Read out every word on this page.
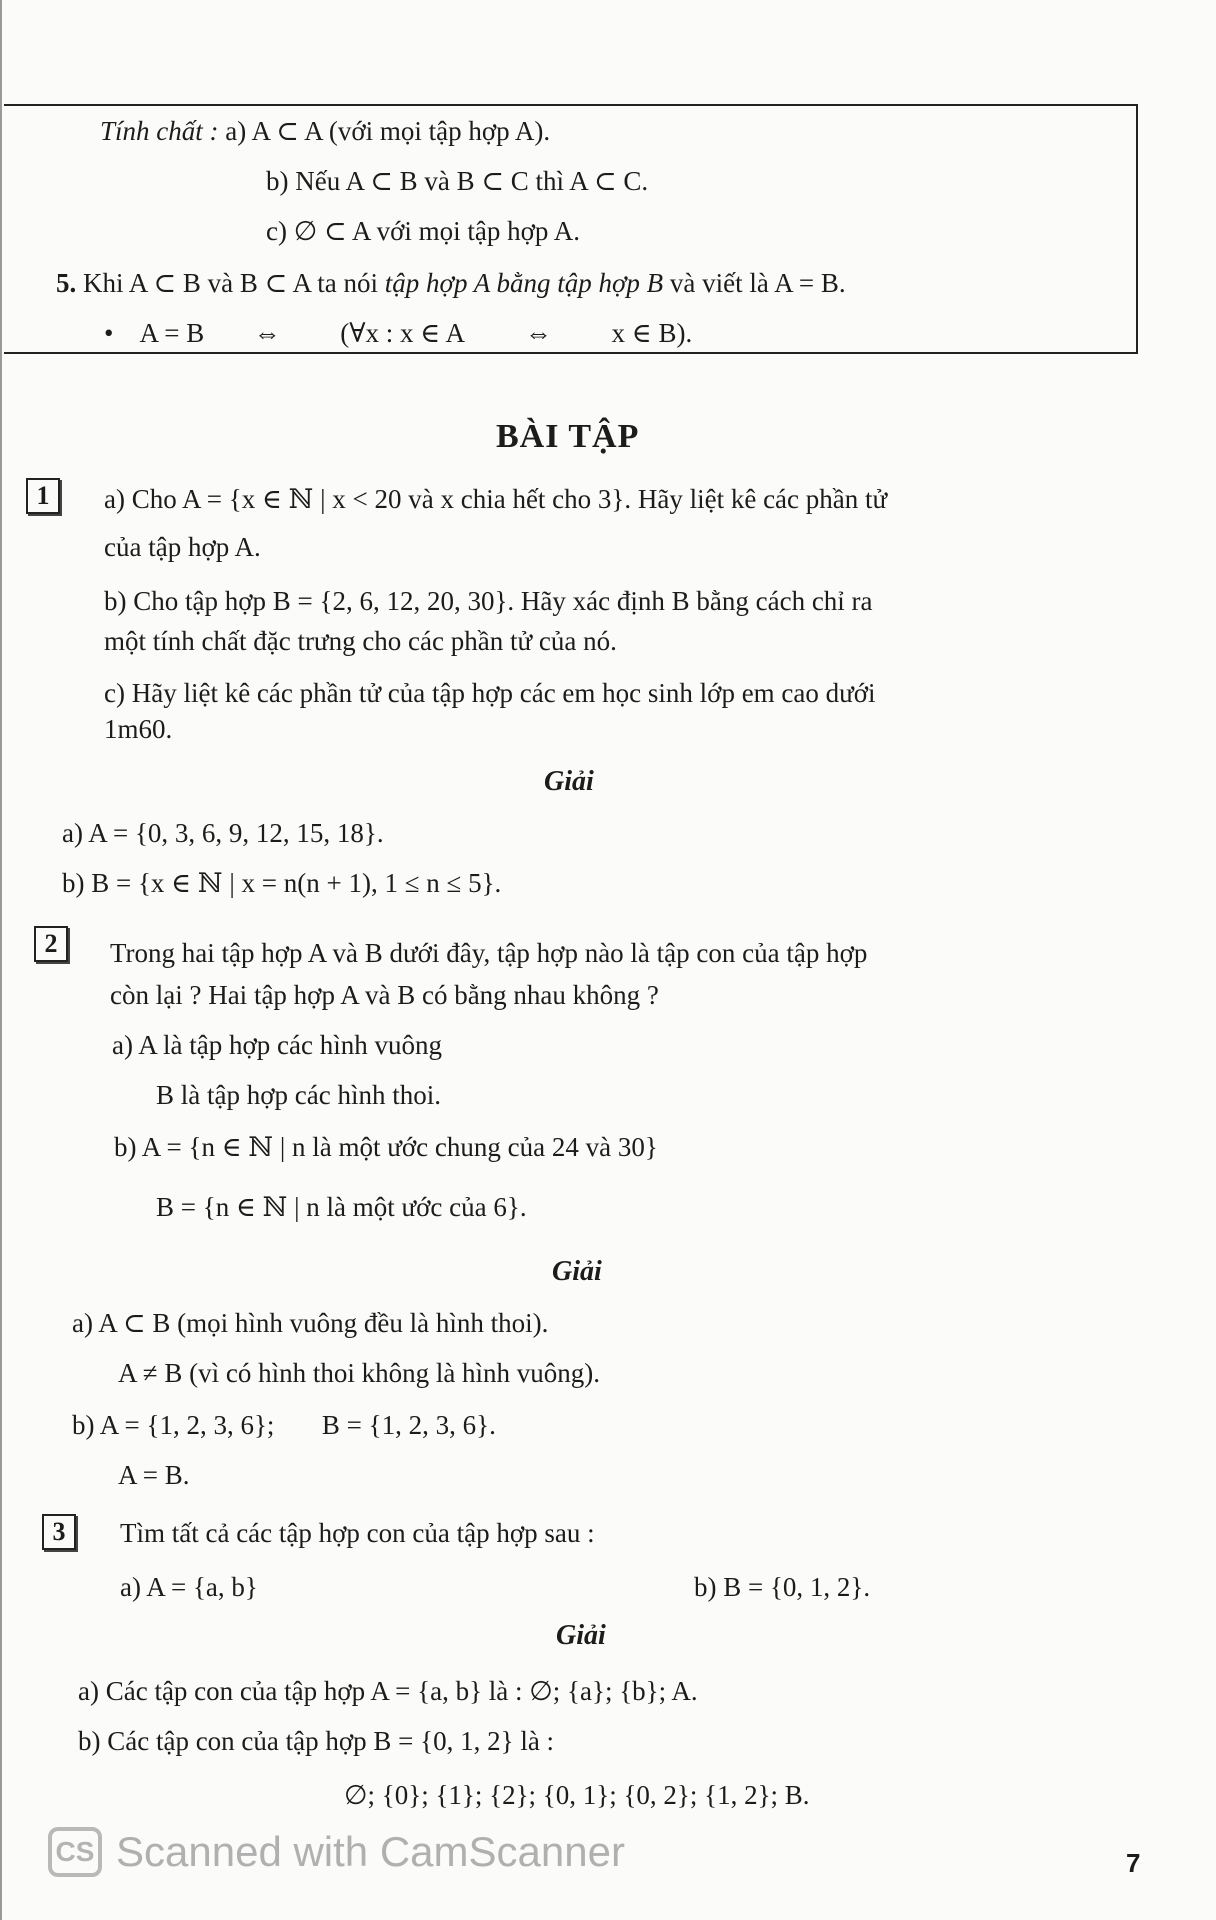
Tính chất : a) A ⊂ A (với mọi tập hợp A).
b) Nếu A ⊂ B và B ⊂ C thì A ⊂ C.
c) ∅ ⊂ A với mọi tập hợp A.
5. Khi A ⊂ B và B ⊂ A ta nói tập hợp A bằng tập hợp B và viết là A = B.
• A = B ⇔ (∀x : x ∈ A ⇔ x ∈ B).
BÀI TẬP
1	a) Cho A = {x ∈ ℕ | x < 20 và x chia hết cho 3}. Hãy liệt kê các phần tử
của tập hợp A.
b) Cho tập hợp B = {2, 6, 12, 20, 30}. Hãy xác định B bằng cách chỉ ra
một tính chất đặc trưng cho các phần tử của nó.
c) Hãy liệt kê các phần tử của tập hợp các em học sinh lớp em cao dưới
1m60.
Giải
a) A = {0, 3, 6, 9, 12, 15, 18}.
b) B = {x ∈ ℕ | x = n(n + 1), 1 ≤ n ≤ 5}.
2	Trong hai tập hợp A và B dưới đây, tập hợp nào là tập con của tập hợp
còn lại ? Hai tập hợp A và B có bằng nhau không ?
a) A là tập hợp các hình vuông
B là tập hợp các hình thoi.
b) A = {n ∈ ℕ | n là một ước chung của 24 và 30}
B = {n ∈ ℕ | n là một ước của 6}.
Giải
a) A ⊂ B (mọi hình vuông đều là hình thoi).
A ≠ B (vì có hình thoi không là hình vuông).
b) A = {1, 2, 3, 6}; B = {1, 2, 3, 6}.
A = B.
3	Tìm tất cả các tập hợp con của tập hợp sau :
a) A = {a, b}	b) B = {0, 1, 2}.
Giải
a) Các tập con của tập hợp A = {a, b} là : ∅; {a}; {b}; A.
b) Các tập con của tập hợp B = {0, 1, 2} là :
∅; {0}; {1}; {2}; {0, 1}; {0, 2}; {1, 2}; B.
CS Scanned with CamScanner	7
